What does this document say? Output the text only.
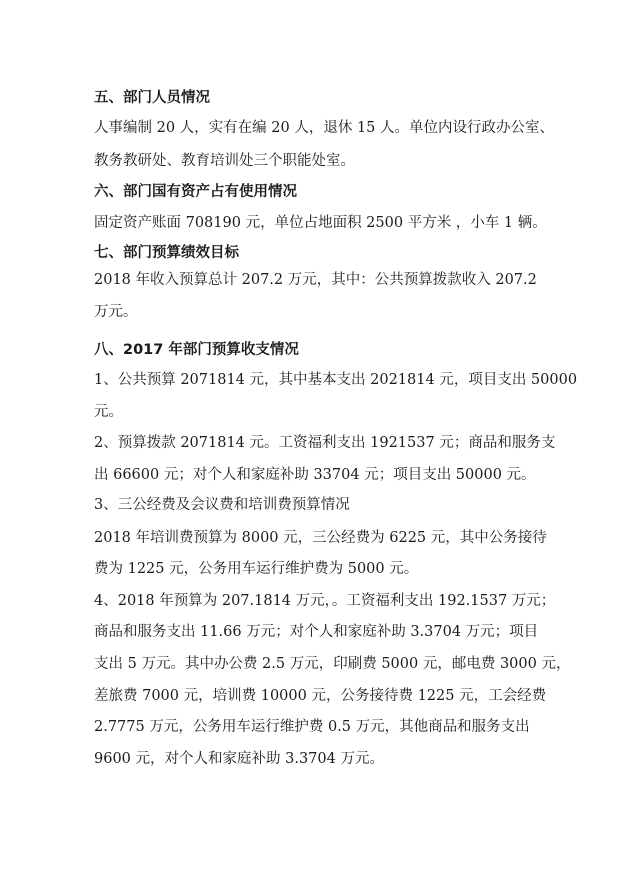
五、部门人员情况
人事编制 20 人，实有在编 20 人，退休 15 人。单位内设行政办公室、
教务教研处、教育培训处三个职能处室。
六、部门国有资产占有使用情况
固定资产账面 708190 元，单位占地面积 2500 平方米 ，小车 1 辆。
七、部门预算绩效目标
2018 年收入预算总计 207.2 万元，其中：公共预算拨款收入 207.2
万元。
八、2017 年部门预算收支情况
1、公共预算 2071814 元，其中基本支出 2021814 元，项目支出 50000
元。
2、预算拨款 2071814 元。工资福利支出 1921537 元；商品和服务支
出 66600 元；对个人和家庭补助 33704 元；项目支出 50000 元。
3、三公经费及会议费和培训费预算情况
2018 年培训费预算为 8000 元，三公经费为 6225 元，其中公务接待
费为 1225 元，公务用车运行维护费为 5000 元。
4、2018 年预算为 207.1814 万元，。工资福利支出 192.1537 万元；
商品和服务支出 11.66 万元；对个人和家庭补助 3.3704 万元；项目
支出 5 万元。其中办公费 2.5 万元，印刷费 5000 元，邮电费 3000 元，
差旅费 7000 元，培训费 10000 元，公务接待费 1225 元，工会经费
2.7775 万元，公务用车运行维护费 0.5 万元，其他商品和服务支出
9600 元，对个人和家庭补助 3.3704 万元。
